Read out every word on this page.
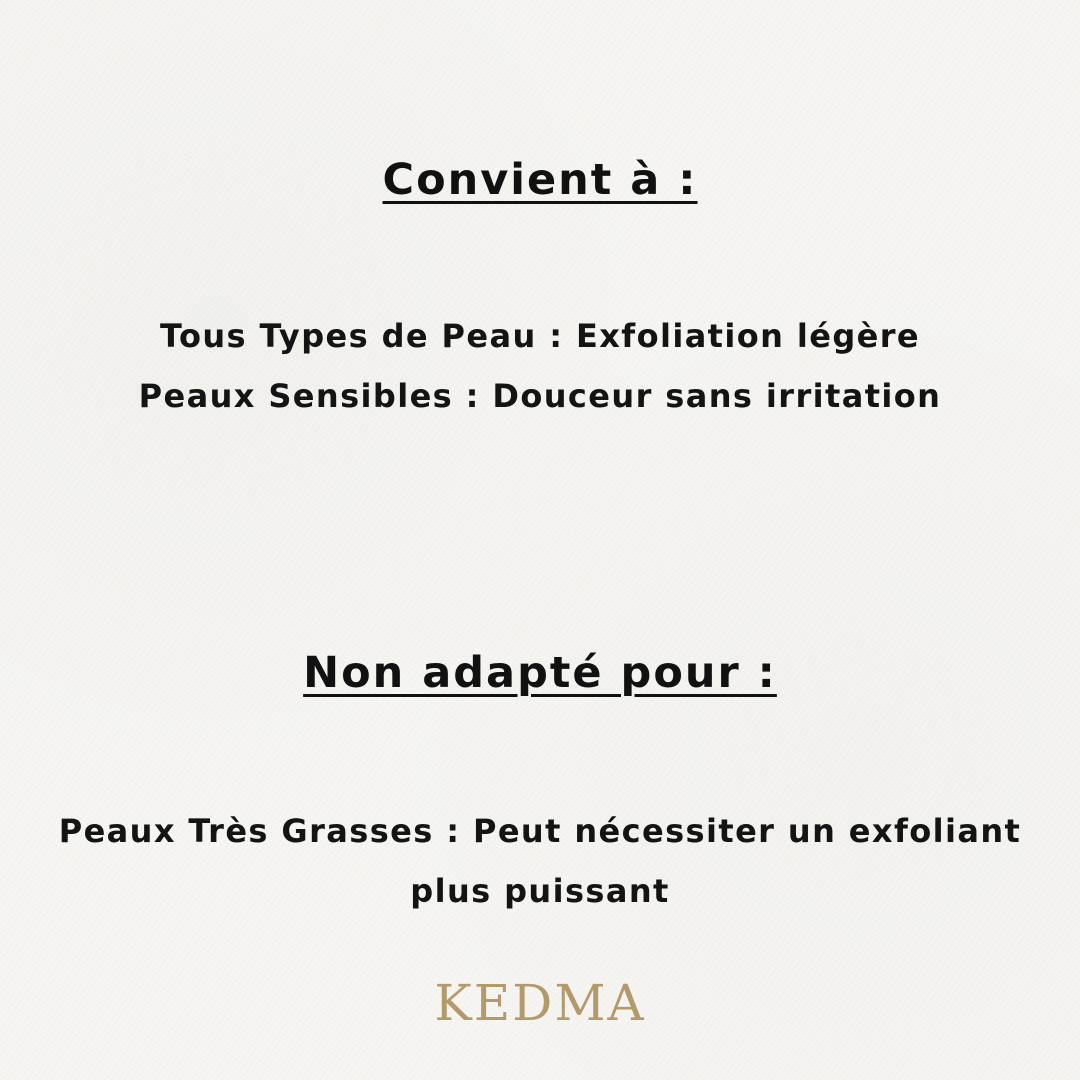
Convient à :

Tous Types de Peau : Exfoliation légère

Peaux Sensibles : Douceur sans irritation

Non adapté pour :

Peaux Très Grasses : Peut nécessiter un exfoliant

plus puissant

KEDMA
